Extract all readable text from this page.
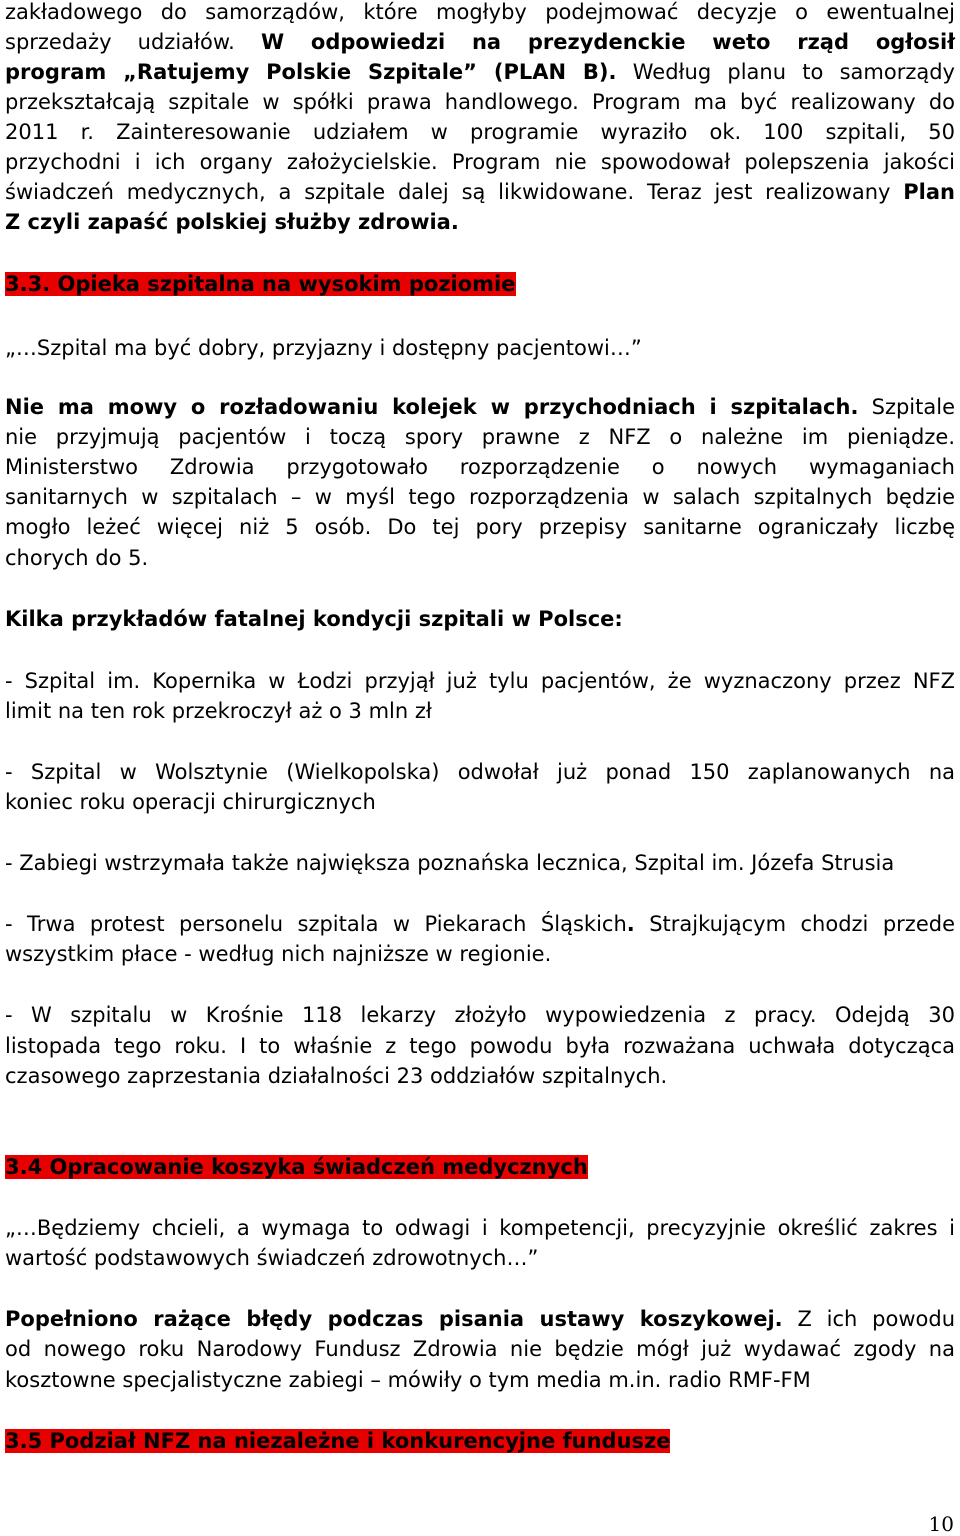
zakładowego do samorządów, które mogłyby podejmować decyzje o ewentualnej
sprzedaży udziałów. W odpowiedzi na prezydenckie weto rząd ogłosił
program „Ratujemy Polskie Szpitale” (PLAN B). Według planu to samorządy
przekształcają szpitale w spółki prawa handlowego. Program ma być realizowany do
2011 r. Zainteresowanie udziałem w programie wyraziło ok. 100 szpitali, 50
przychodni i ich organy założycielskie. Program nie spowodował polepszenia jakości
świadczeń medycznych, a szpitale dalej są likwidowane. Teraz jest realizowany Plan
Z czyli zapaść polskiej służby zdrowia.
3.3. Opieka szpitalna na wysokim poziomie
„…Szpital ma być dobry, przyjazny i dostępny pacjentowi…”
Nie ma mowy o rozładowaniu kolejek w przychodniach i szpitalach. Szpitale
nie przyjmują pacjentów i toczą spory prawne z NFZ o należne im pieniądze.
Ministerstwo Zdrowia przygotowało rozporządzenie o nowych wymaganiach
sanitarnych w szpitalach – w myśl tego rozporządzenia w salach szpitalnych będzie
mogło leżeć więcej niż 5 osób. Do tej pory przepisy sanitarne ograniczały liczbę
chorych do 5.
Kilka przykładów fatalnej kondycji szpitali w Polsce:
- Szpital im. Kopernika w Łodzi przyjął już tylu pacjentów, że wyznaczony przez NFZ
limit na ten rok przekroczył aż o 3 mln zł
- Szpital w Wolsztynie (Wielkopolska) odwołał już ponad 150 zaplanowanych na
koniec roku operacji chirurgicznych
- Zabiegi wstrzymała także największa poznańska lecznica, Szpital im. Józefa Strusia
- Trwa protest personelu szpitala w Piekarach Śląskich. Strajkującym chodzi przede
wszystkim płace - według nich najniższe w regionie.
- W szpitalu w Krośnie 118 lekarzy złożyło wypowiedzenia z pracy. Odejdą 30
listopada tego roku. I to właśnie z tego powodu była rozważana uchwała dotycząca
czasowego zaprzestania działalności 23 oddziałów szpitalnych.
3.4 Opracowanie koszyka świadczeń medycznych
„…Będziemy chcieli, a wymaga to odwagi i kompetencji, precyzyjnie określić zakres i
wartość podstawowych świadczeń zdrowotnych…”
Popełniono rażące błędy podczas pisania ustawy koszykowej. Z ich powodu
od nowego roku Narodowy Fundusz Zdrowia nie będzie mógł już wydawać zgody na
kosztowne specjalistyczne zabiegi – mówiły o tym media m.in. radio RMF-FM
3.5 Podział NFZ na niezależne i konkurencyjne fundusze
10
